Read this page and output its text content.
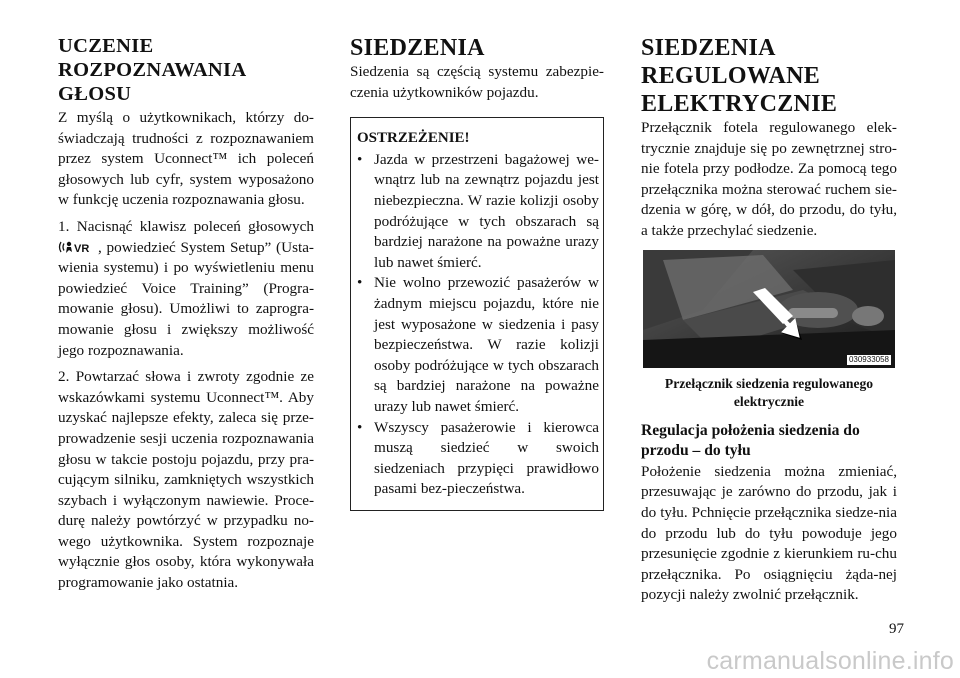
UCZENIE ROZPOZNAWANIA GŁOSU

Z myślą o użytkownikach, którzy do-świadczają trudności z rozpoznawaniem przez system Uconnect™ ich poleceń głosowych lub cyfr, system wyposażono w funkcję uczenia rozpoznawania głosu.

1. Nacisnąć klawisz poleceń głosowych
VR , powiedzieć System Setup” (Usta-wienia systemu) i po wyświetleniu menu powiedzieć Voice Training” (Progra-mowanie głosu). Umożliwi to zaprogra-mowanie głosu i zwiększy możliwość jego rozpoznawania.

2. Powtarzać słowa i zwroty zgodnie ze wskazówkami systemu Uconnect™. Aby uzyskać najlepsze efekty, zaleca się prze-prowadzenie sesji uczenia rozpoznawania głosu w takcie postoju pojazdu, przy pra-cującym silniku, zamkniętych wszystkich szybach i wyłączonym nawiewie. Proce-durę należy powtórzyć w przypadku no-wego użytkownika. System rozpoznaje wyłącznie głos osoby, która wykonywała programowanie jako ostatnia.

SIEDZENIA

Siedzenia są częścią systemu zabezpie-czenia użytkowników pojazdu.

OSTRZEŻENIE!
• Jazda w przestrzeni bagażowej we-wnątrz lub na zewnątrz pojazdu jest niebezpieczna. W razie kolizji osoby podróżujące w tych obszarach są bardziej narażone na poważne urazy lub nawet śmierć.
• Nie wolno przewozić pasażerów w żadnym miejscu pojazdu, które nie jest wyposażone w siedzenia i pasy bezpieczeństwa. W razie kolizji osoby podróżujące w tych obszarach są bardziej narażone na poważne urazy lub nawet śmierć.
• Wszyscy pasażerowie i kierowca muszą siedzieć w swoich siedzeniach przypięci prawidłowo pasami bez-pieczeństwa.
SIEDZENIA REGULOWANE ELEKTRYCZNIE

Przełącznik fotela regulowanego elek-trycznie znajduje się po zewnętrznej stro-nie fotela przy podłodze. Za pomocą tego przełącznika można sterować ruchem sie-dzenia w górę, w dół, do przodu, do tyłu, a także przechylać siedzenie.

030933058
Przełącznik siedzenia regulowanego elektrycznie
Regulacja położenia siedzenia do przodu – do tyłu

Położenie siedzenia można zmieniać, przesuwając je zarówno do przodu, jak i do tyłu. Pchnięcie przełącznika siedze-nia do przodu lub do tyłu powoduje jego przesunięcie zgodnie z kierunkiem ru-chu przełącznika. Po osiągnięciu żąda-nej pozycji należy zwolnić przełącznik.

97
carmanualsonline.info
